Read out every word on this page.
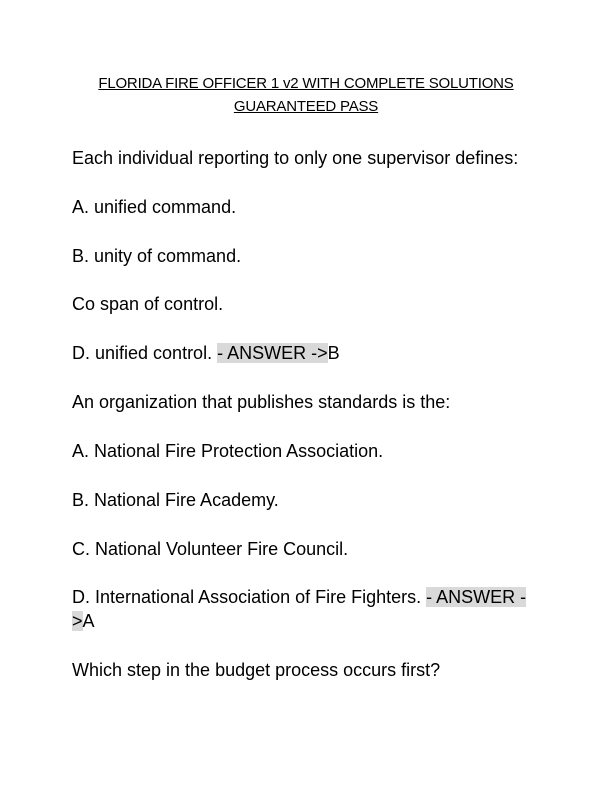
FLORIDA FIRE OFFICER 1 v2 WITH COMPLETE SOLUTIONS
GUARANTEED PASS
Each individual reporting to only one supervisor defines:
A. unified command.
B. unity of command.
Co span of control.
D. unified control. - ANSWER ->B
An organization that publishes standards is the:
A. National Fire Protection Association.
B. National Fire Academy.
C. National Volunteer Fire Council.
D. International Association of Fire Fighters. - ANSWER -
>A
Which step in the budget process occurs first?
